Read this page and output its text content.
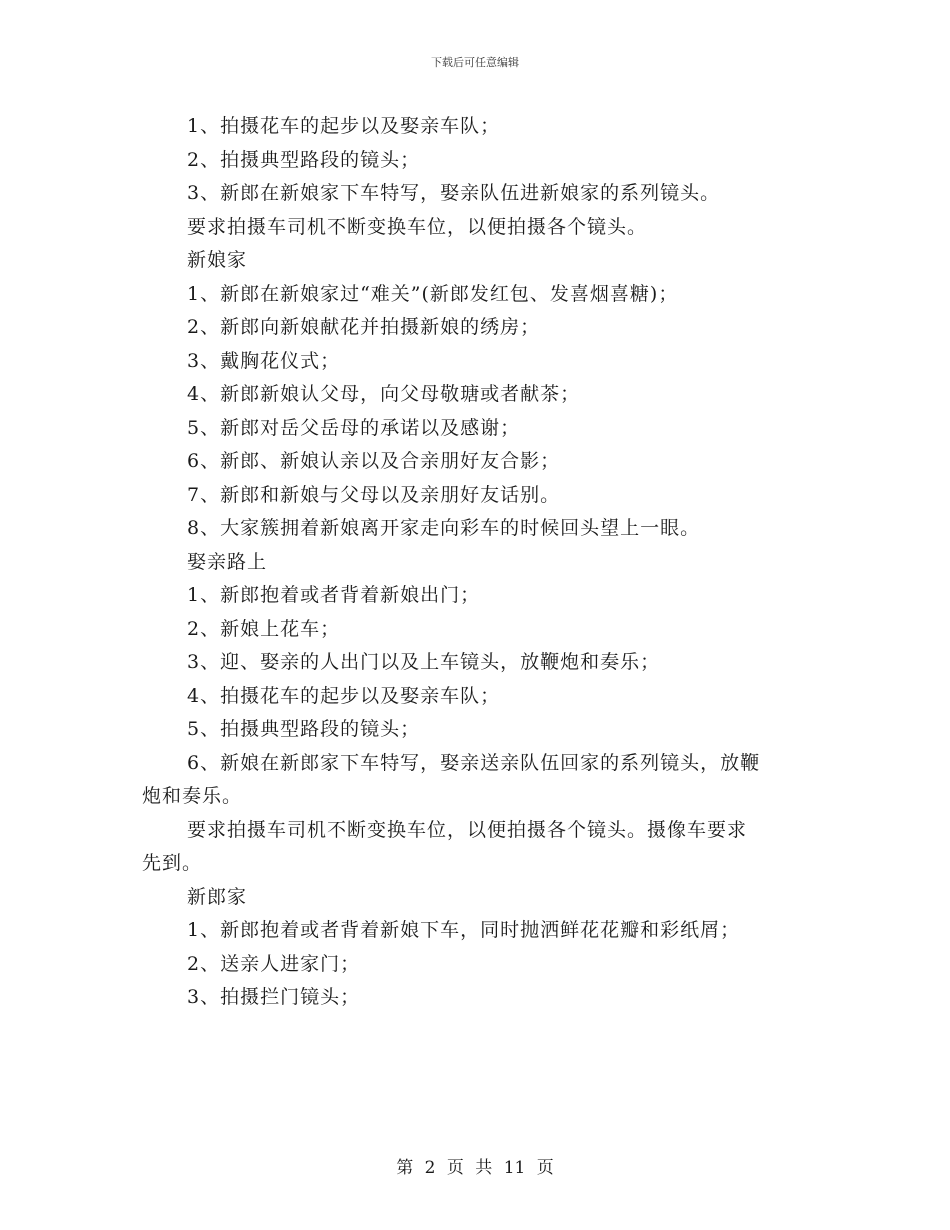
下载后可任意编辑
1、拍摄花车的起步以及娶亲车队；
2、拍摄典型路段的镜头；
3、新郎在新娘家下车特写，娶亲队伍进新娘家的系列镜头。
要求拍摄车司机不断变换车位，以便拍摄各个镜头。
新娘家
1、新郎在新娘家过“难关”(新郎发红包、发喜烟喜糖)；
2、新郎向新娘献花并拍摄新娘的绣房；
3、戴胸花仪式；
4、新郎新娘认父母，向父母敬瑭或者献茶；
5、新郎对岳父岳母的承诺以及感谢；
6、新郎、新娘认亲以及合亲朋好友合影；
7、新郎和新娘与父母以及亲朋好友话别。
8、大家簇拥着新娘离开家走向彩车的时候回头望上一眼。
娶亲路上
1、新郎抱着或者背着新娘出门；
2、新娘上花车；
3、迎、娶亲的人出门以及上车镜头，放鞭炮和奏乐；
4、拍摄花车的起步以及娶亲车队；
5、拍摄典型路段的镜头；
6、新娘在新郎家下车特写，娶亲送亲队伍回家的系列镜头，放鞭
炮和奏乐。
要求拍摄车司机不断变换车位，以便拍摄各个镜头。摄像车要求
先到。
新郎家
1、新郎抱着或者背着新娘下车，同时抛洒鲜花花瓣和彩纸屑；
2、送亲人进家门；
3、拍摄拦门镜头；
第 2 页 共 11 页
